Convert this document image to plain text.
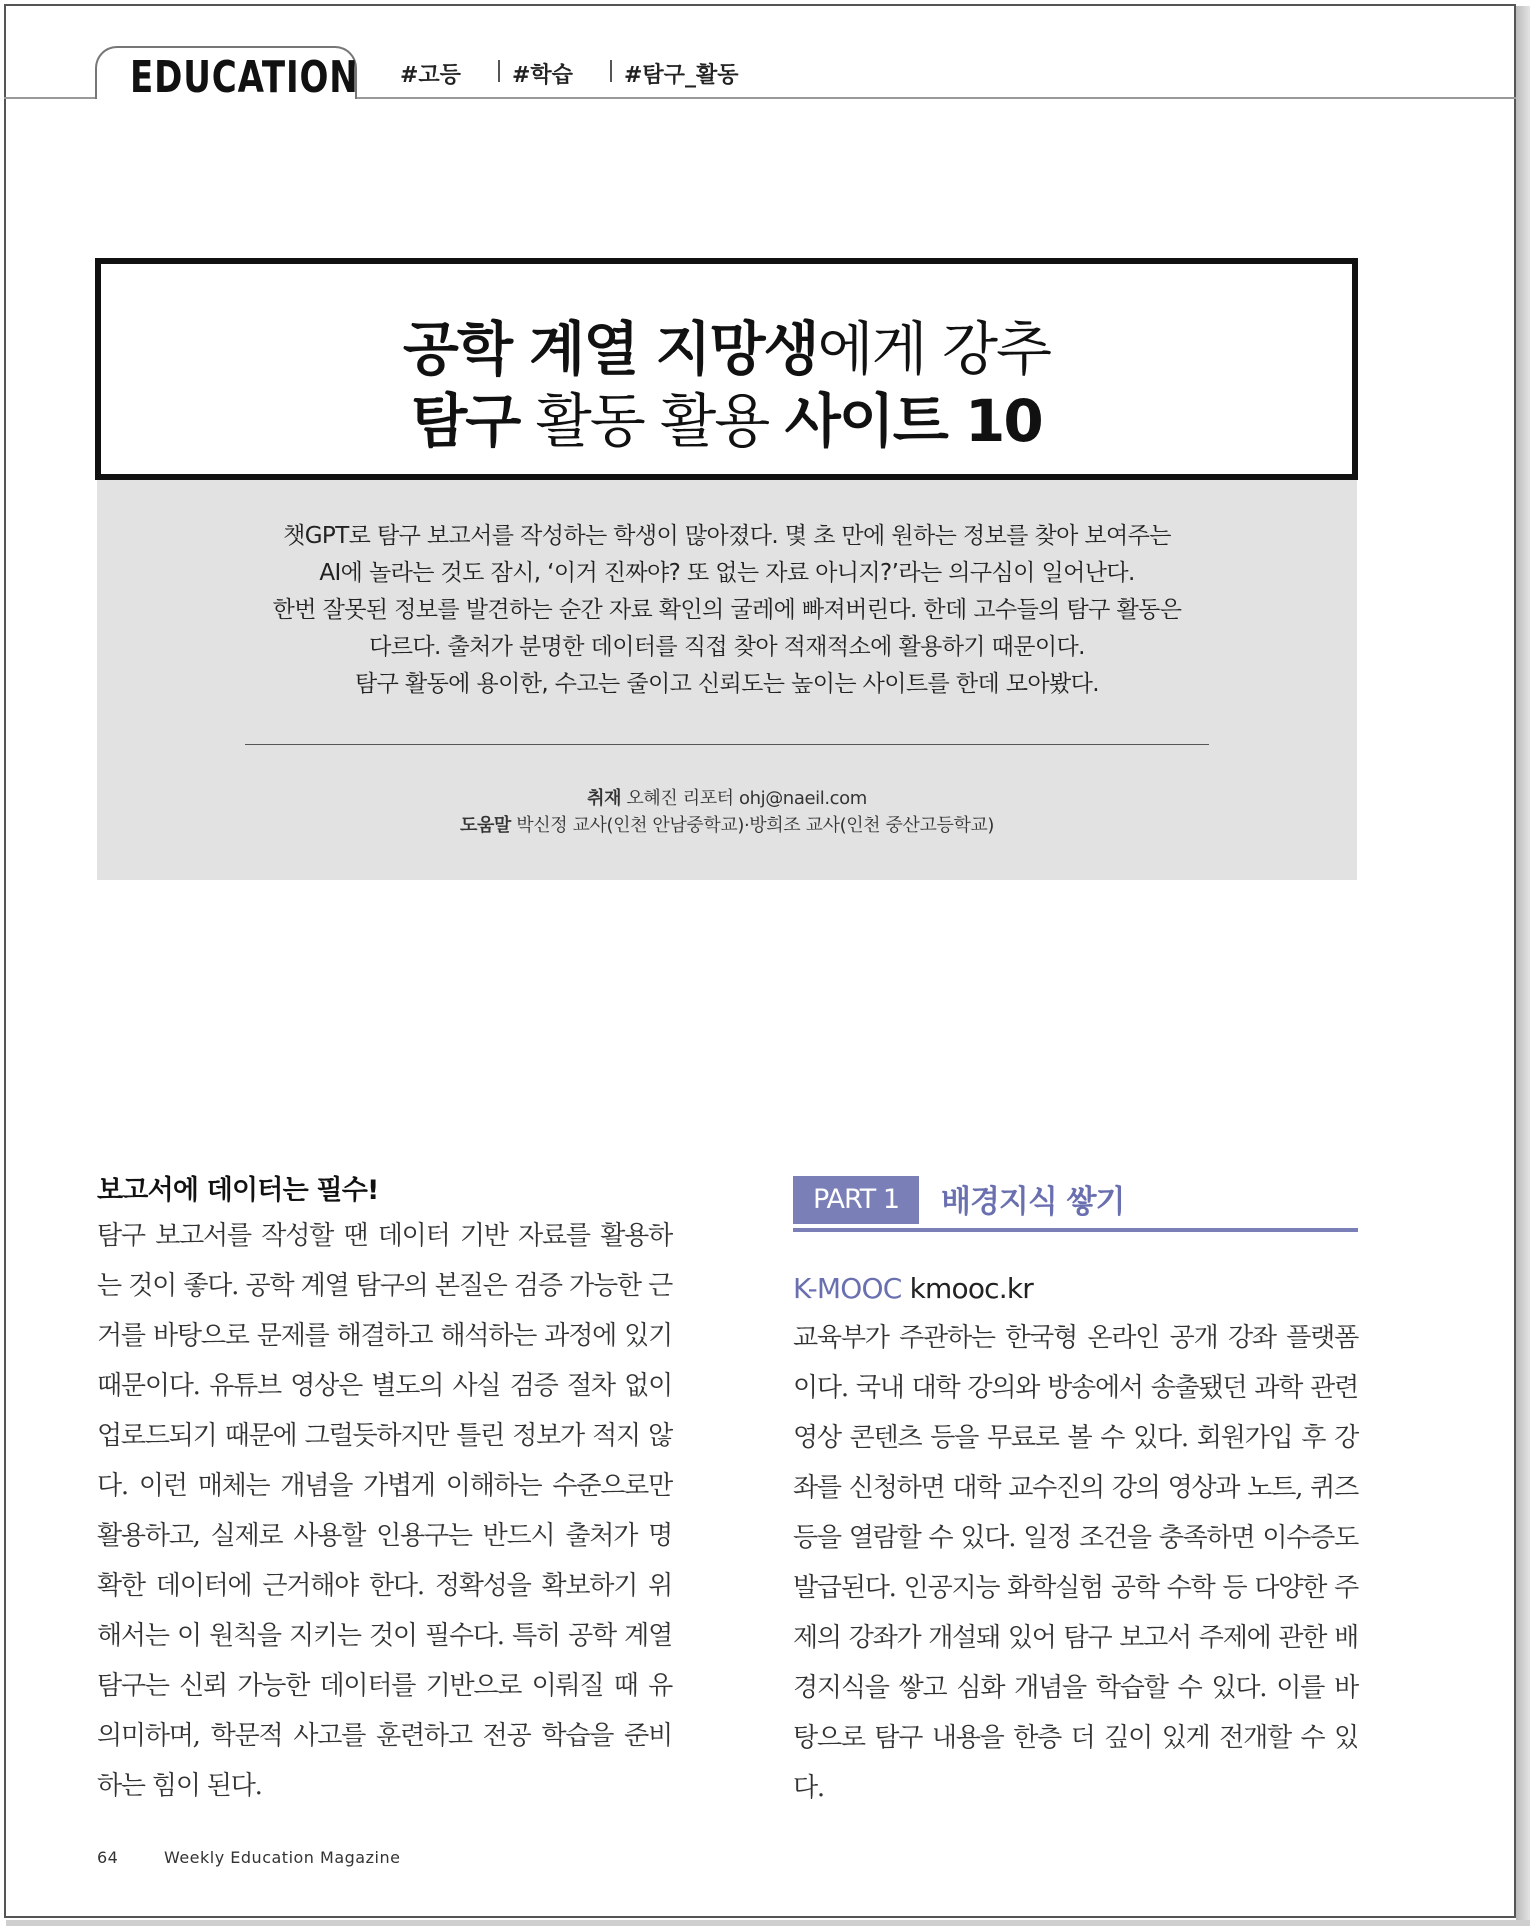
EDUCATION #고등 #학습 #탐구_활동
공학 계열 지망생에게 강추
탐구 활동 활용 사이트 10
챗GPT로 탐구 보고서를 작성하는 학생이 많아졌다. 몇 초 만에 원하는 정보를 찾아 보여주는
AI에 놀라는 것도 잠시, ‘이거 진짜야? 또 없는 자료 아니지?’라는 의구심이 일어난다.
한번 잘못된 정보를 발견하는 순간 자료 확인의 굴레에 빠져버린다. 한데 고수들의 탐구 활동은
다르다. 출처가 분명한 데이터를 직접 찾아 적재적소에 활용하기 때문이다.
탐구 활동에 용이한, 수고는 줄이고 신뢰도는 높이는 사이트를 한데 모아봤다.
취재 오혜진 리포터 ohj@naeil.com
도움말 박신정 교사(인천 안남중학교)·방희조 교사(인천 중산고등학교)
보고서에 데이터는 필수!

탐구 보고서를 작성할 땐 데이터 기반 자료를 활용하는 것이 좋다. 공학 계열 탐구의 본질은 검증 가능한 근거를 바탕으로 문제를 해결하고 해석하는 과정에 있기 때문이다. 유튜브 영상은 별도의 사실 검증 절차 없이 업로드되기 때문에 그럴듯하지만 틀린 정보가 적지 않다. 이런 매체는 개념을 가볍게 이해하는 수준으로만 활용하고, 실제로 사용할 인용구는 반드시 출처가 명확한 데이터에 근거해야 한다. 정확성을 확보하기 위해서는 이 원칙을 지키는 것이 필수다. 특히 공학 계열 탐구는 신뢰 가능한 데이터를 기반으로 이뤄질 때 유의미하며, 학문적 사고를 훈련하고 전공 학습을 준비하는 힘이 된다.

PART 1	배경지식 쌓기
K-MOOC kmooc.kr

교육부가 주관하는 한국형 온라인 공개 강좌 플랫폼이다. 국내 대학 강의와 방송에서 송출됐던 과학 관련 영상 콘텐츠 등을 무료로 볼 수 있다. 회원가입 후 강좌를 신청하면 대학 교수진의 강의 영상과 노트, 퀴즈 등을 열람할 수 있다. 일정 조건을 충족하면 이수증도 발급된다. 인공지능 화학실험 공학 수학 등 다양한 주제의 강좌가 개설돼 있어 탐구 보고서 주제에 관한 배경지식을 쌓고 심화 개념을 학습할 수 있다. 이를 바탕으로 탐구 내용을 한층 더 깊이 있게 전개할 수 있다.

64	Weekly Education Magazine
